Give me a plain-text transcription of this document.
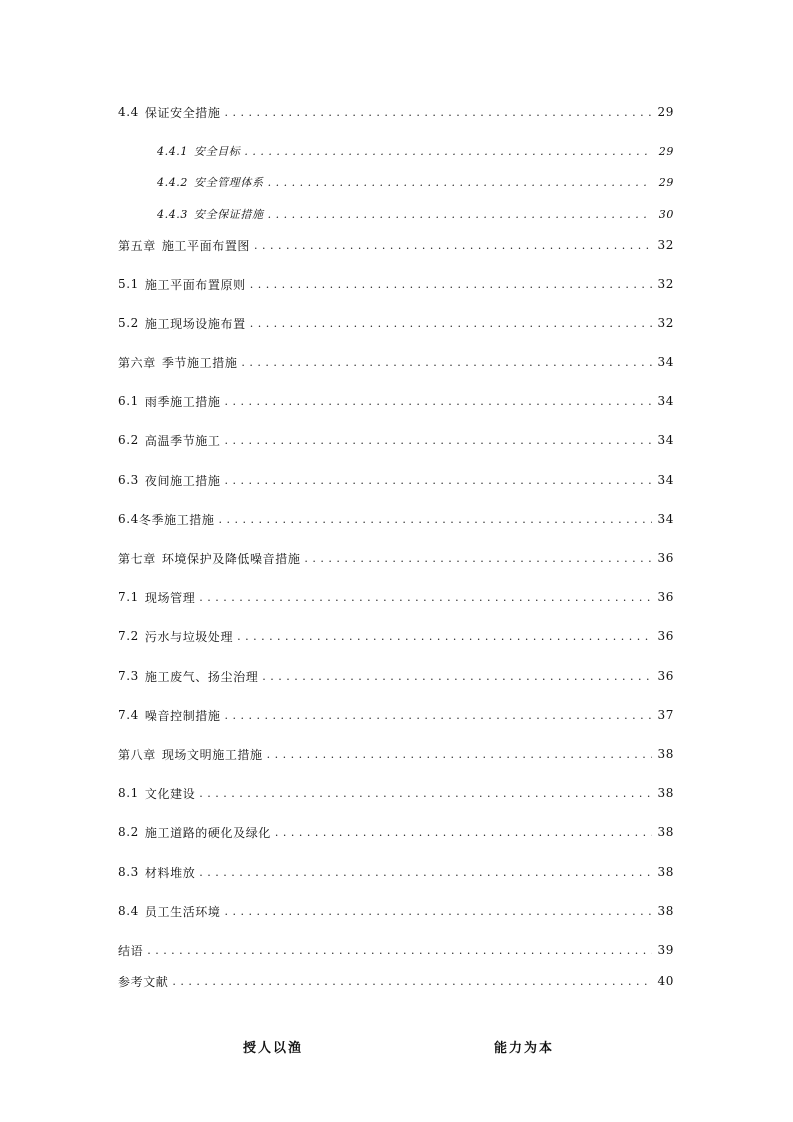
4.4 保证安全措施 . . .	29
4.4.1 安全目标 . . .	29
4.4.2 安全管理体系 . . .	29
4.4.3 安全保证措施 . . .	30
第五章 施工平面布置图 . . .	32
5.1 施工平面布置原则 . . .	32
5.2 施工现场设施布置 . . .	32
第六章 季节施工措施 . . .	34
6.1 雨季施工措施 . . .	34
6.2 高温季节施工 . . .	34
6.3 夜间施工措施 . . .	34
6.4 冬季施工措施 . . .	34
第七章 环境保护及降低噪音措施 . . .	36
7.1 现场管理 . . .	36
7.2 污水与垃圾处理 . . .	36
7.3 施工废气、扬尘治理 . . .	36
7.4 噪音控制措施 . . .	37
第八章 现场文明施工措施 . . .	38
8.1 文化建设 . . .	38
8.2 施工道路的硬化及绿化 . . .	38
8.3 材料堆放 . . .	38
8.4 员工生活环境 . . .	38
结语 . . .	39
参考文献 . . .	40
授人以渔	能力为本
